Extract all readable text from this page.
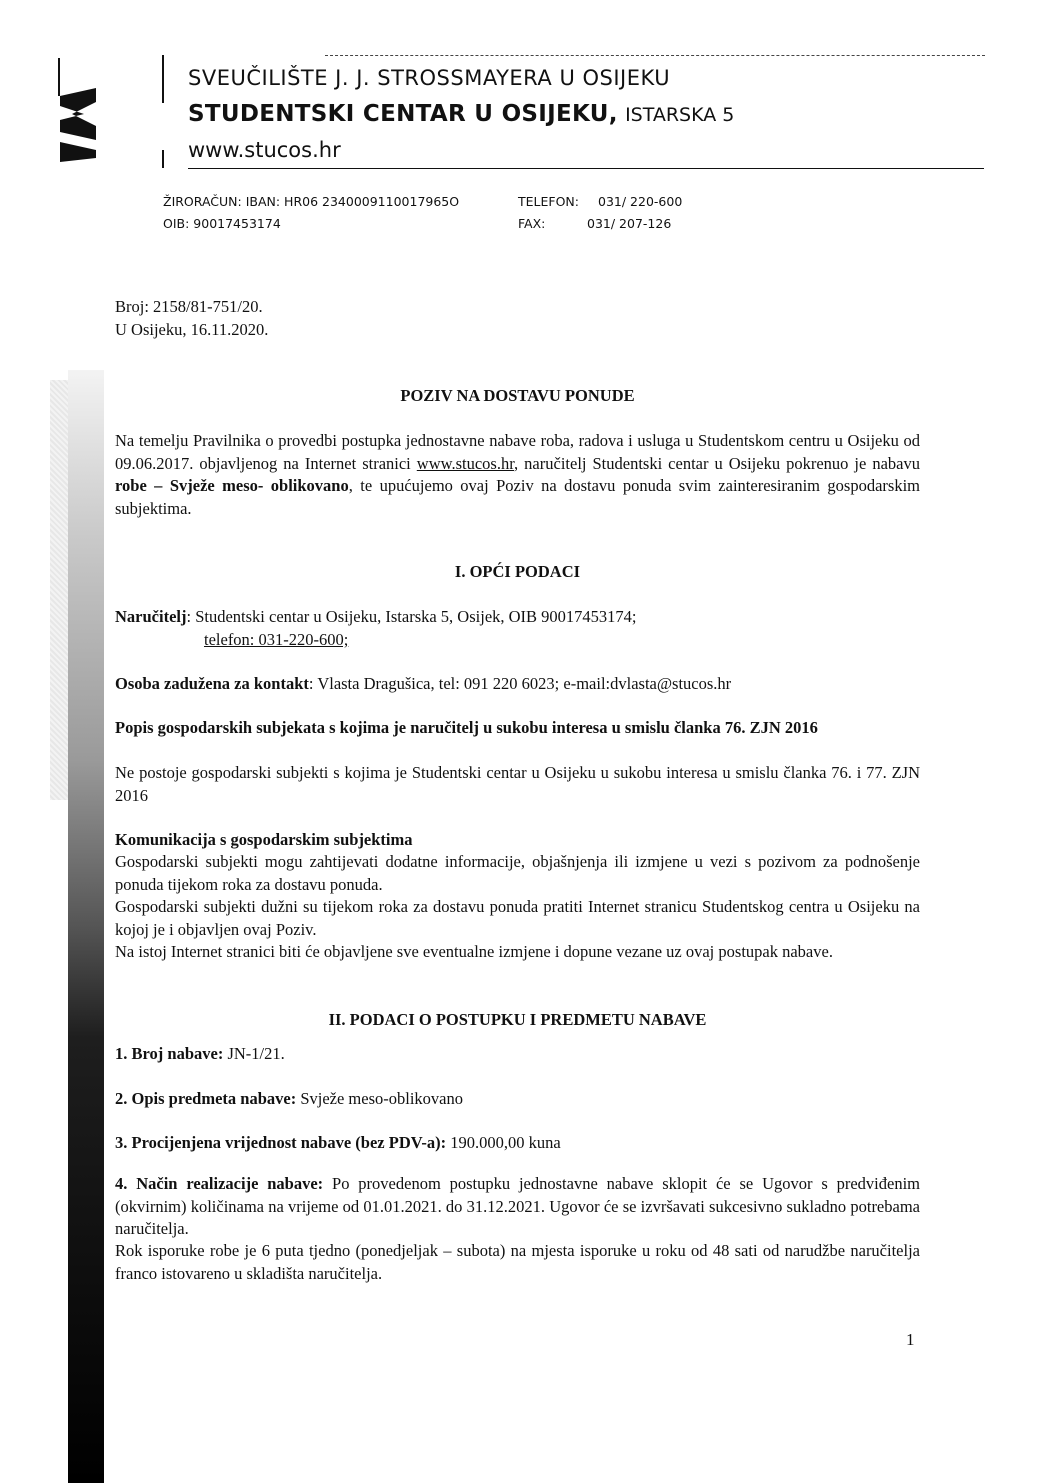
SVEUČILIŠTE J. J. STROSSMAYERA U OSIJEKU
STUDENTSKI CENTAR U OSIJEKU, ISTARSKA 5
www.stucos.hr
ŽIRORAČUN: IBAN: HR06 2340009110017965O
OIB: 90017453174
TELEFON: 031/ 220-600
FAX:	031/ 207-126
Broj: 2158/81-751/20.
U Osijeku, 16.11.2020.
POZIV NA DOSTAVU PONUDE
Na temelju Pravilnika o provedbi postupka jednostavne nabave roba, radova i usluga u Studentskom centru u Osijeku od 09.06.2017. objavljenog na Internet stranici www.stucos.hr, naručitelj Studentski centar u Osijeku pokrenuo je nabavu robe – Svježe meso- oblikovano, te upućujemo ovaj Poziv na dostavu ponuda svim zainteresiranim gospodarskim subjektima.
I. OPĆI PODACI
Naručitelj: Studentski centar u Osijeku, Istarska 5, Osijek, OIB 90017453174;
telefon: 031-220-600;
Osoba zadužena za kontakt: Vlasta Dragušica, tel: 091 220 6023; e-mail:dvlasta@stucos.hr
Popis gospodarskih subjekata s kojima je naručitelj u sukobu interesa u smislu članka 76. ZJN 2016
Ne postoje gospodarski subjekti s kojima je Studentski centar u Osijeku u sukobu interesa u smislu članka 76. i 77. ZJN 2016
Komunikacija s gospodarskim subjektima
Gospodarski subjekti mogu zahtijevati dodatne informacije, objašnjenja ili izmjene u vezi s pozivom za podnošenje ponuda tijekom roka za dostavu ponuda.
Gospodarski subjekti dužni su tijekom roka za dostavu ponuda pratiti Internet stranicu Studentskog centra u Osijeku na kojoj je i objavljen ovaj Poziv.
Na istoj Internet stranici biti će objavljene sve eventualne izmjene i dopune vezane uz ovaj postupak nabave.
II. PODACI O POSTUPKU I PREDMETU NABAVE
1. Broj nabave: JN-1/21.
2. Opis predmeta nabave: Svježe meso-oblikovano
3. Procijenjena vrijednost nabave (bez PDV-a): 190.000,00 kuna
4. Način realizacije nabave: Po provedenom postupku jednostavne nabave sklopit će se Ugovor s predviđenim (okvirnim) količinama na vrijeme od 01.01.2021. do 31.12.2021. Ugovor će se izvršavati sukcesivno sukladno potrebama naručitelja.
Rok isporuke robe je 6 puta tjedno (ponedjeljak – subota) na mjesta isporuke u roku od 48 sati od narudžbe naručitelja franco istovareno u skladišta naručitelja.
1
